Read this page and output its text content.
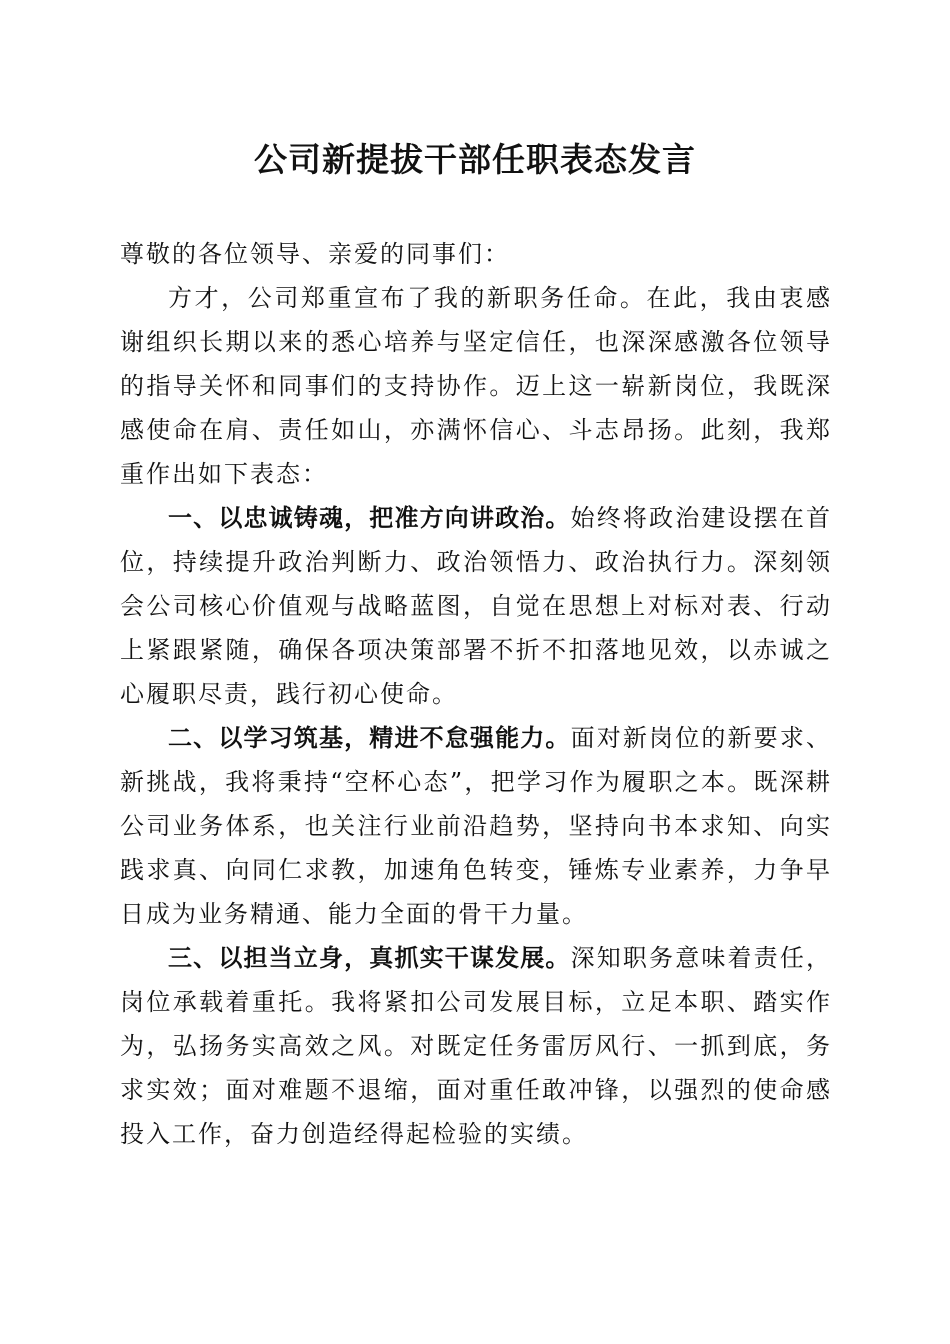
公司新提拔干部任职表态发言

尊敬的各位领导、亲爱的同事们：

方才，公司郑重宣布了我的新职务任命。在此，我由衷感谢组织长期以来的悉心培养与坚定信任，也深深感激各位领导的指导关怀和同事们的支持协作。迈上这一崭新岗位，我既深感使命在肩、责任如山，亦满怀信心、斗志昂扬。此刻，我郑重作出如下表态：

一、以忠诚铸魂，把准方向讲政治。始终将政治建设摆在首位，持续提升政治判断力、政治领悟力、政治执行力。深刻领会公司核心价值观与战略蓝图，自觉在思想上对标对表、行动上紧跟紧随，确保各项决策部署不折不扣落地见效，以赤诚之心履职尽责，践行初心使命。

二、以学习筑基，精进不怠强能力。面对新岗位的新要求、新挑战，我将秉持“空杯心态”，把学习作为履职之本。既深耕公司业务体系，也关注行业前沿趋势，坚持向书本求知、向实践求真、向同仁求教，加速角色转变，锤炼专业素养，力争早日成为业务精通、能力全面的骨干力量。

三、以担当立身，真抓实干谋发展。深知职务意味着责任，岗位承载着重托。我将紧扣公司发展目标，立足本职、踏实作为，弘扬务实高效之风。对既定任务雷厉风行、一抓到底，务求实效；面对难题不退缩，面对重任敢冲锋，以强烈的使命感投入工作，奋力创造经得起检验的实绩。
